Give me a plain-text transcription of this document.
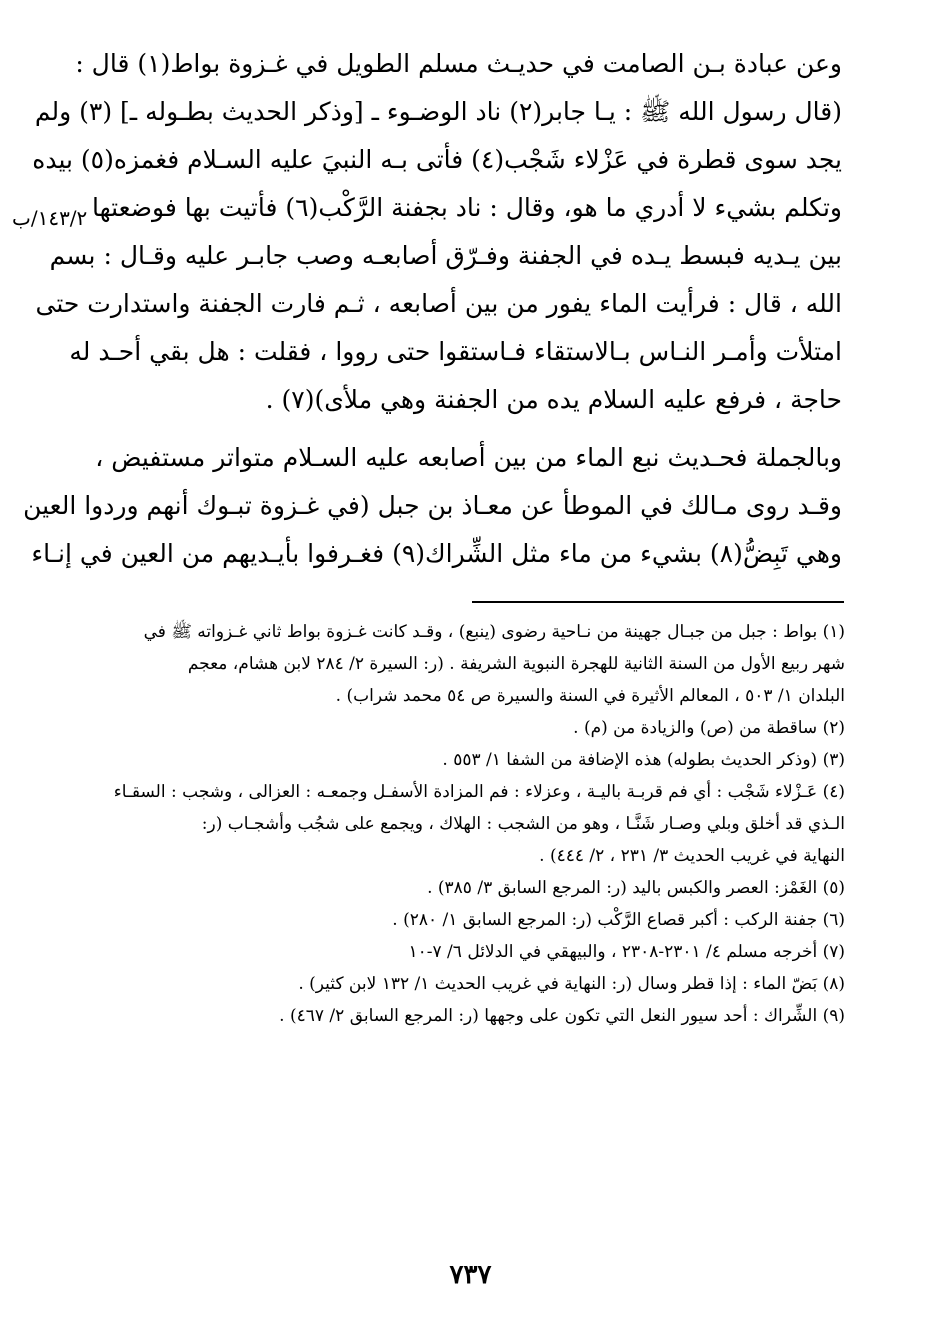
وعن عبادة بـن الصامت في حديـث مسلم الطويل في غـزوة بواط(١) قال :
(قال رسول الله ﷺ : يـا جابر(٢) ناد الوضـوء ـ [وذكر الحديث بطـوله ـ] (٣) ولم
يجد سوى قطرة في عَزْلاء شَجْب(٤) فأتى بـه النبيَ عليه السـلام فغمزه(٥) بيده
وتكلم بشيء لا أدري ما هو، وقال : ناد بجفنة الرَّكْب(٦) فأتيت بها فوضعتها
بين يـديه فبسط يـده في الجفنة وفـرّق أصابعـه وصب جابـر عليه وقـال : بسم
الله ، قال : فرأيت الماء يفور من بين أصابعه ، ثـم فارت الجفنة واستدارت حتى
امتلأت وأمـر النـاس بـالاستقاء فـاستقوا حتى رووا ، فقلت : هل بقي أحـد له
حاجة ، فرفع عليه السلام يده من الجفنة وهي ملأى)(٧) .
وبالجملة فحـديث نبع الماء من بين أصابعه عليه السـلام متواتر مستفيض ،
وقـد روى مـالك في الموطأ عن معـاذ بن جبل (في غـزوة تبـوك أنهم وردوا العين
وهي تَبِضُّ(٨) بشيء من ماء مثل الشِّراك(٩) فغـرفوا بأيـديهم من العين في إنـاء
١٤٣/٢/ب
(١) بواط : جبل من جبـال جهينة من نـاحية رضوى (ينبع) ، وقـد كانت غـزوة بواط ثاني غـزواته ﷺ في
شهر ربيع الأول من السنة الثانية للهجرة النبوية الشريفة . (ر: السيرة ٢/ ٢٨٤ لابن هشام، معجم
البلدان ١/ ٥٠٣ ، المعالم الأثيرة في السنة والسيرة ص ٥٤ محمد شراب) .
(٢) ساقطة من (ص) والزيادة من (م) .
(٣) (وذكر الحديث بطوله) هذه الإضافة من الشفا ١/ ٥٥٣ .
(٤) عَـزْلاء شَجْب : أي فم قربـة باليـة ، وعزلاء : فم المزادة الأسفـل وجمعـه : العزالى ، وشجب : السقـاء
الـذي قد أخلق وبلي وصـار شَنَّـا ، وهو من الشجب : الهلاك ، ويجمع على شجُب وأشجـاب (ر:
النهاية في غريب الحديث ٣/ ٢٣١ ، ٢/ ٤٤٤) .
(٥) الغَمْز: العصر والكبس باليد (ر: المرجع السابق ٣/ ٣٨٥) .
(٦) جفنة الركب : أكبر قصاع الرَّكْب (ر: المرجع السابق ١/ ٢٨٠) .
(٧) أخرجه مسلم ٤/ ٢٣٠١-٢٣٠٨ ، والبيهقي في الدلائل ٦/ ٧-١٠
(٨) بَضّ الماء : إذا قطر وسال (ر: النهاية في غريب الحديث ١/ ١٣٢ لابن كثير) .
(٩) الشِّراك : أحد سيور النعل التي تكون على وجهها (ر: المرجع السابق ٢/ ٤٦٧) .
٧٣٧
